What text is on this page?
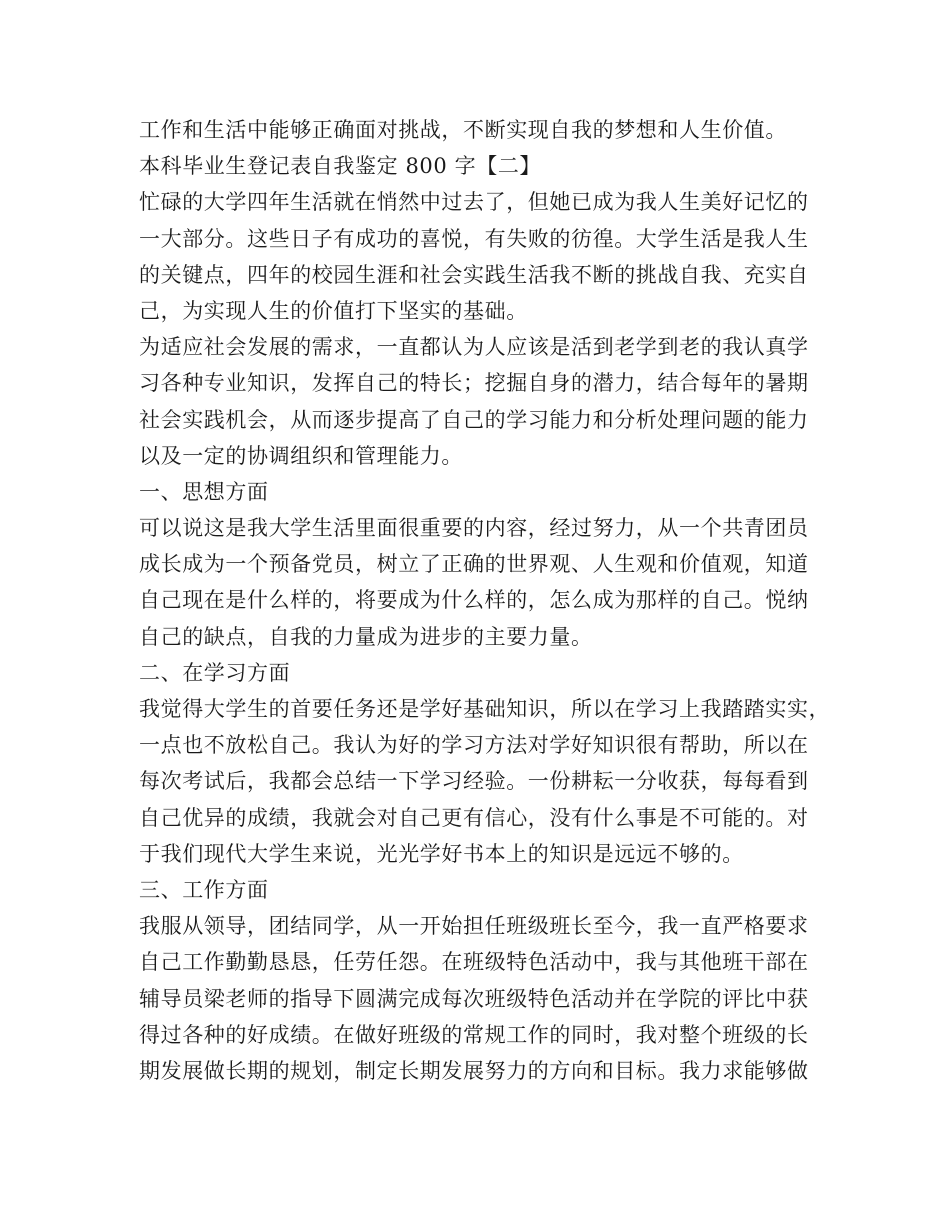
工作和生活中能够正确面对挑战，不断实现自我的梦想和人生价值。
本科毕业生登记表自我鉴定 800 字【二】
忙碌的大学四年生活就在悄然中过去了，但她已成为我人生美好记忆的
一大部分。这些日子有成功的喜悦，有失败的彷徨。大学生活是我人生
的关键点，四年的校园生涯和社会实践生活我不断的挑战自我、充实自
己，为实现人生的价值打下坚实的基础。
为适应社会发展的需求，一直都认为人应该是活到老学到老的我认真学
习各种专业知识，发挥自己的特长；挖掘自身的潜力，结合每年的暑期
社会实践机会，从而逐步提高了自己的学习能力和分析处理问题的能力
以及一定的协调组织和管理能力。
一、思想方面
可以说这是我大学生活里面很重要的内容，经过努力，从一个共青团员
成长成为一个预备党员，树立了正确的世界观、人生观和价值观，知道
自己现在是什么样的，将要成为什么样的，怎么成为那样的自己。悦纳
自己的缺点，自我的力量成为进步的主要力量。
二、在学习方面
我觉得大学生的首要任务还是学好基础知识，所以在学习上我踏踏实实，
一点也不放松自己。我认为好的学习方法对学好知识很有帮助，所以在
每次考试后，我都会总结一下学习经验。一份耕耘一分收获，每每看到
自己优异的成绩，我就会对自己更有信心，没有什么事是不可能的。对
于我们现代大学生来说，光光学好书本上的知识是远远不够的。
三、工作方面
我服从领导，团结同学，从一开始担任班级班长至今，我一直严格要求
自己工作勤勤恳恳，任劳任怨。在班级特色活动中，我与其他班干部在
辅导员梁老师的指导下圆满完成每次班级特色活动并在学院的评比中获
得过各种的好成绩。在做好班级的常规工作的同时，我对整个班级的长
期发展做长期的规划，制定长期发展努力的方向和目标。我力求能够做
